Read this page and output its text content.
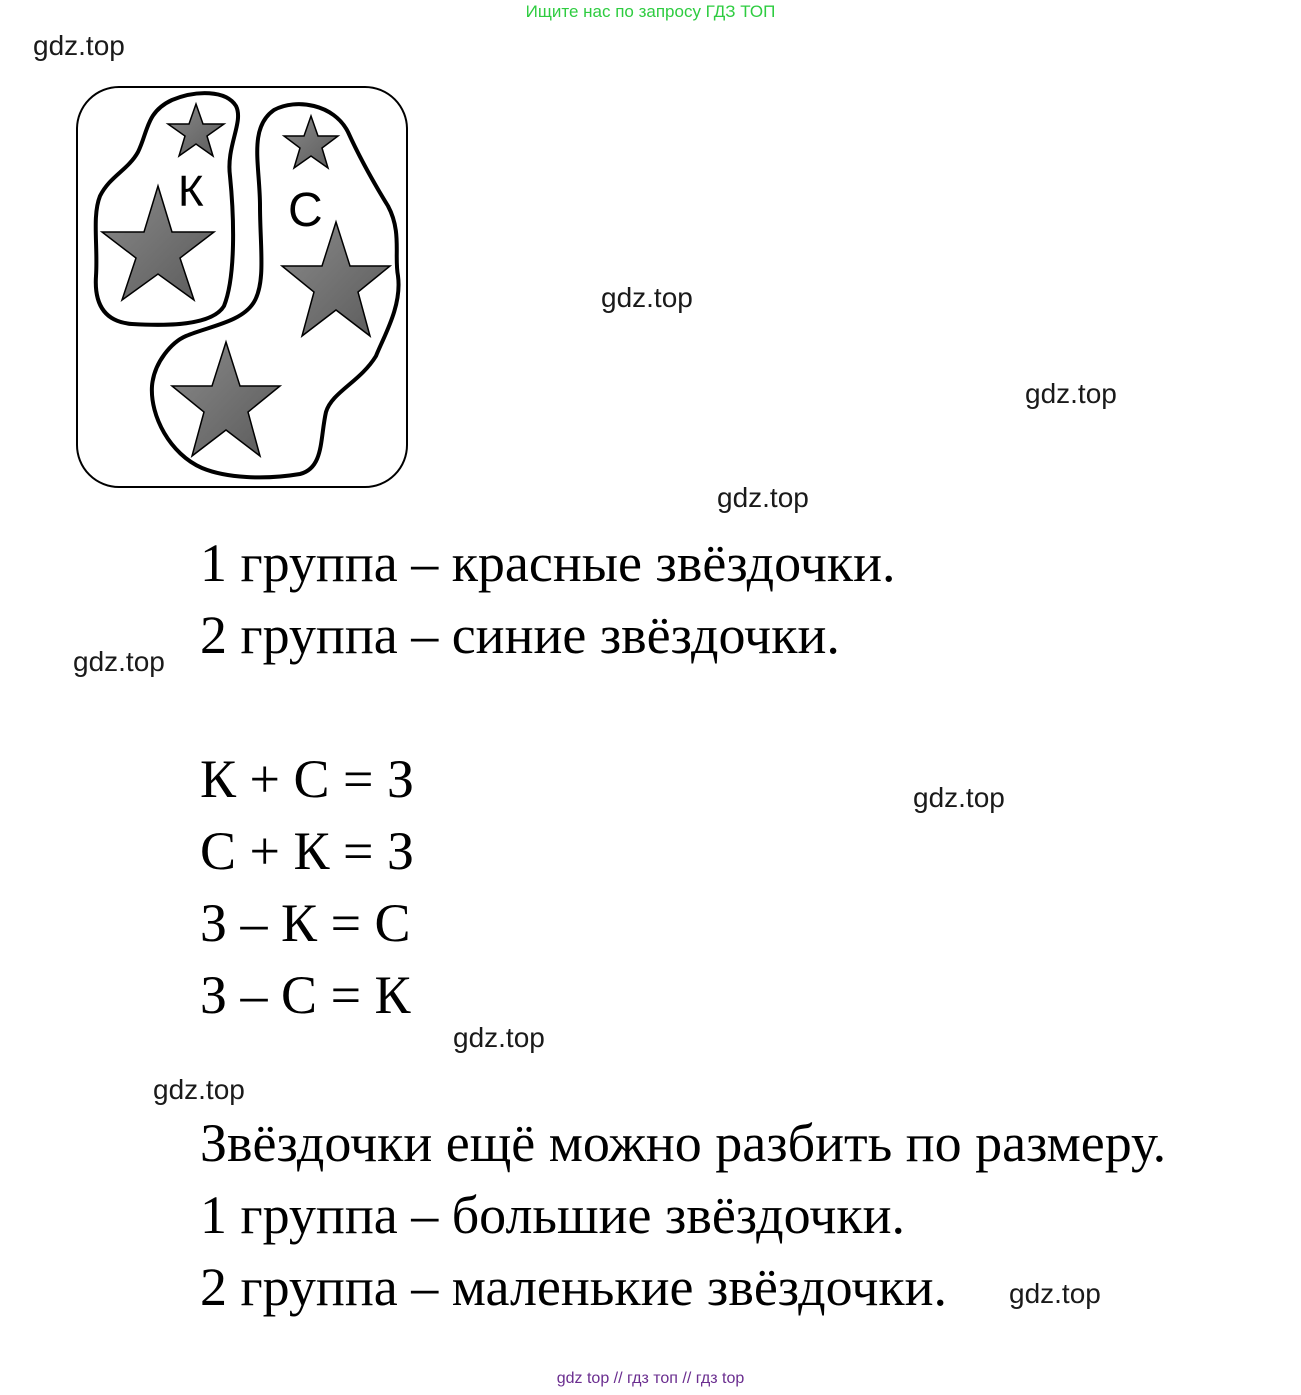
Ищите нас по запросу ГДЗ ТОП
gdz.top
gdz.top
gdz.top
gdz.top
gdz.top
gdz.top
gdz.top
gdz.top
gdz.top
К С
1 группа – красные звёздочки.
2 группа – синие звёздочки.
К + С = З
С + К = З
З – К = С
З – С = К
Звёздочки ещё можно разбить по размеру.
1 группа – большие звёздочки.
2 группа – маленькие звёздочки.
gdz top // гдз топ // гдз top
